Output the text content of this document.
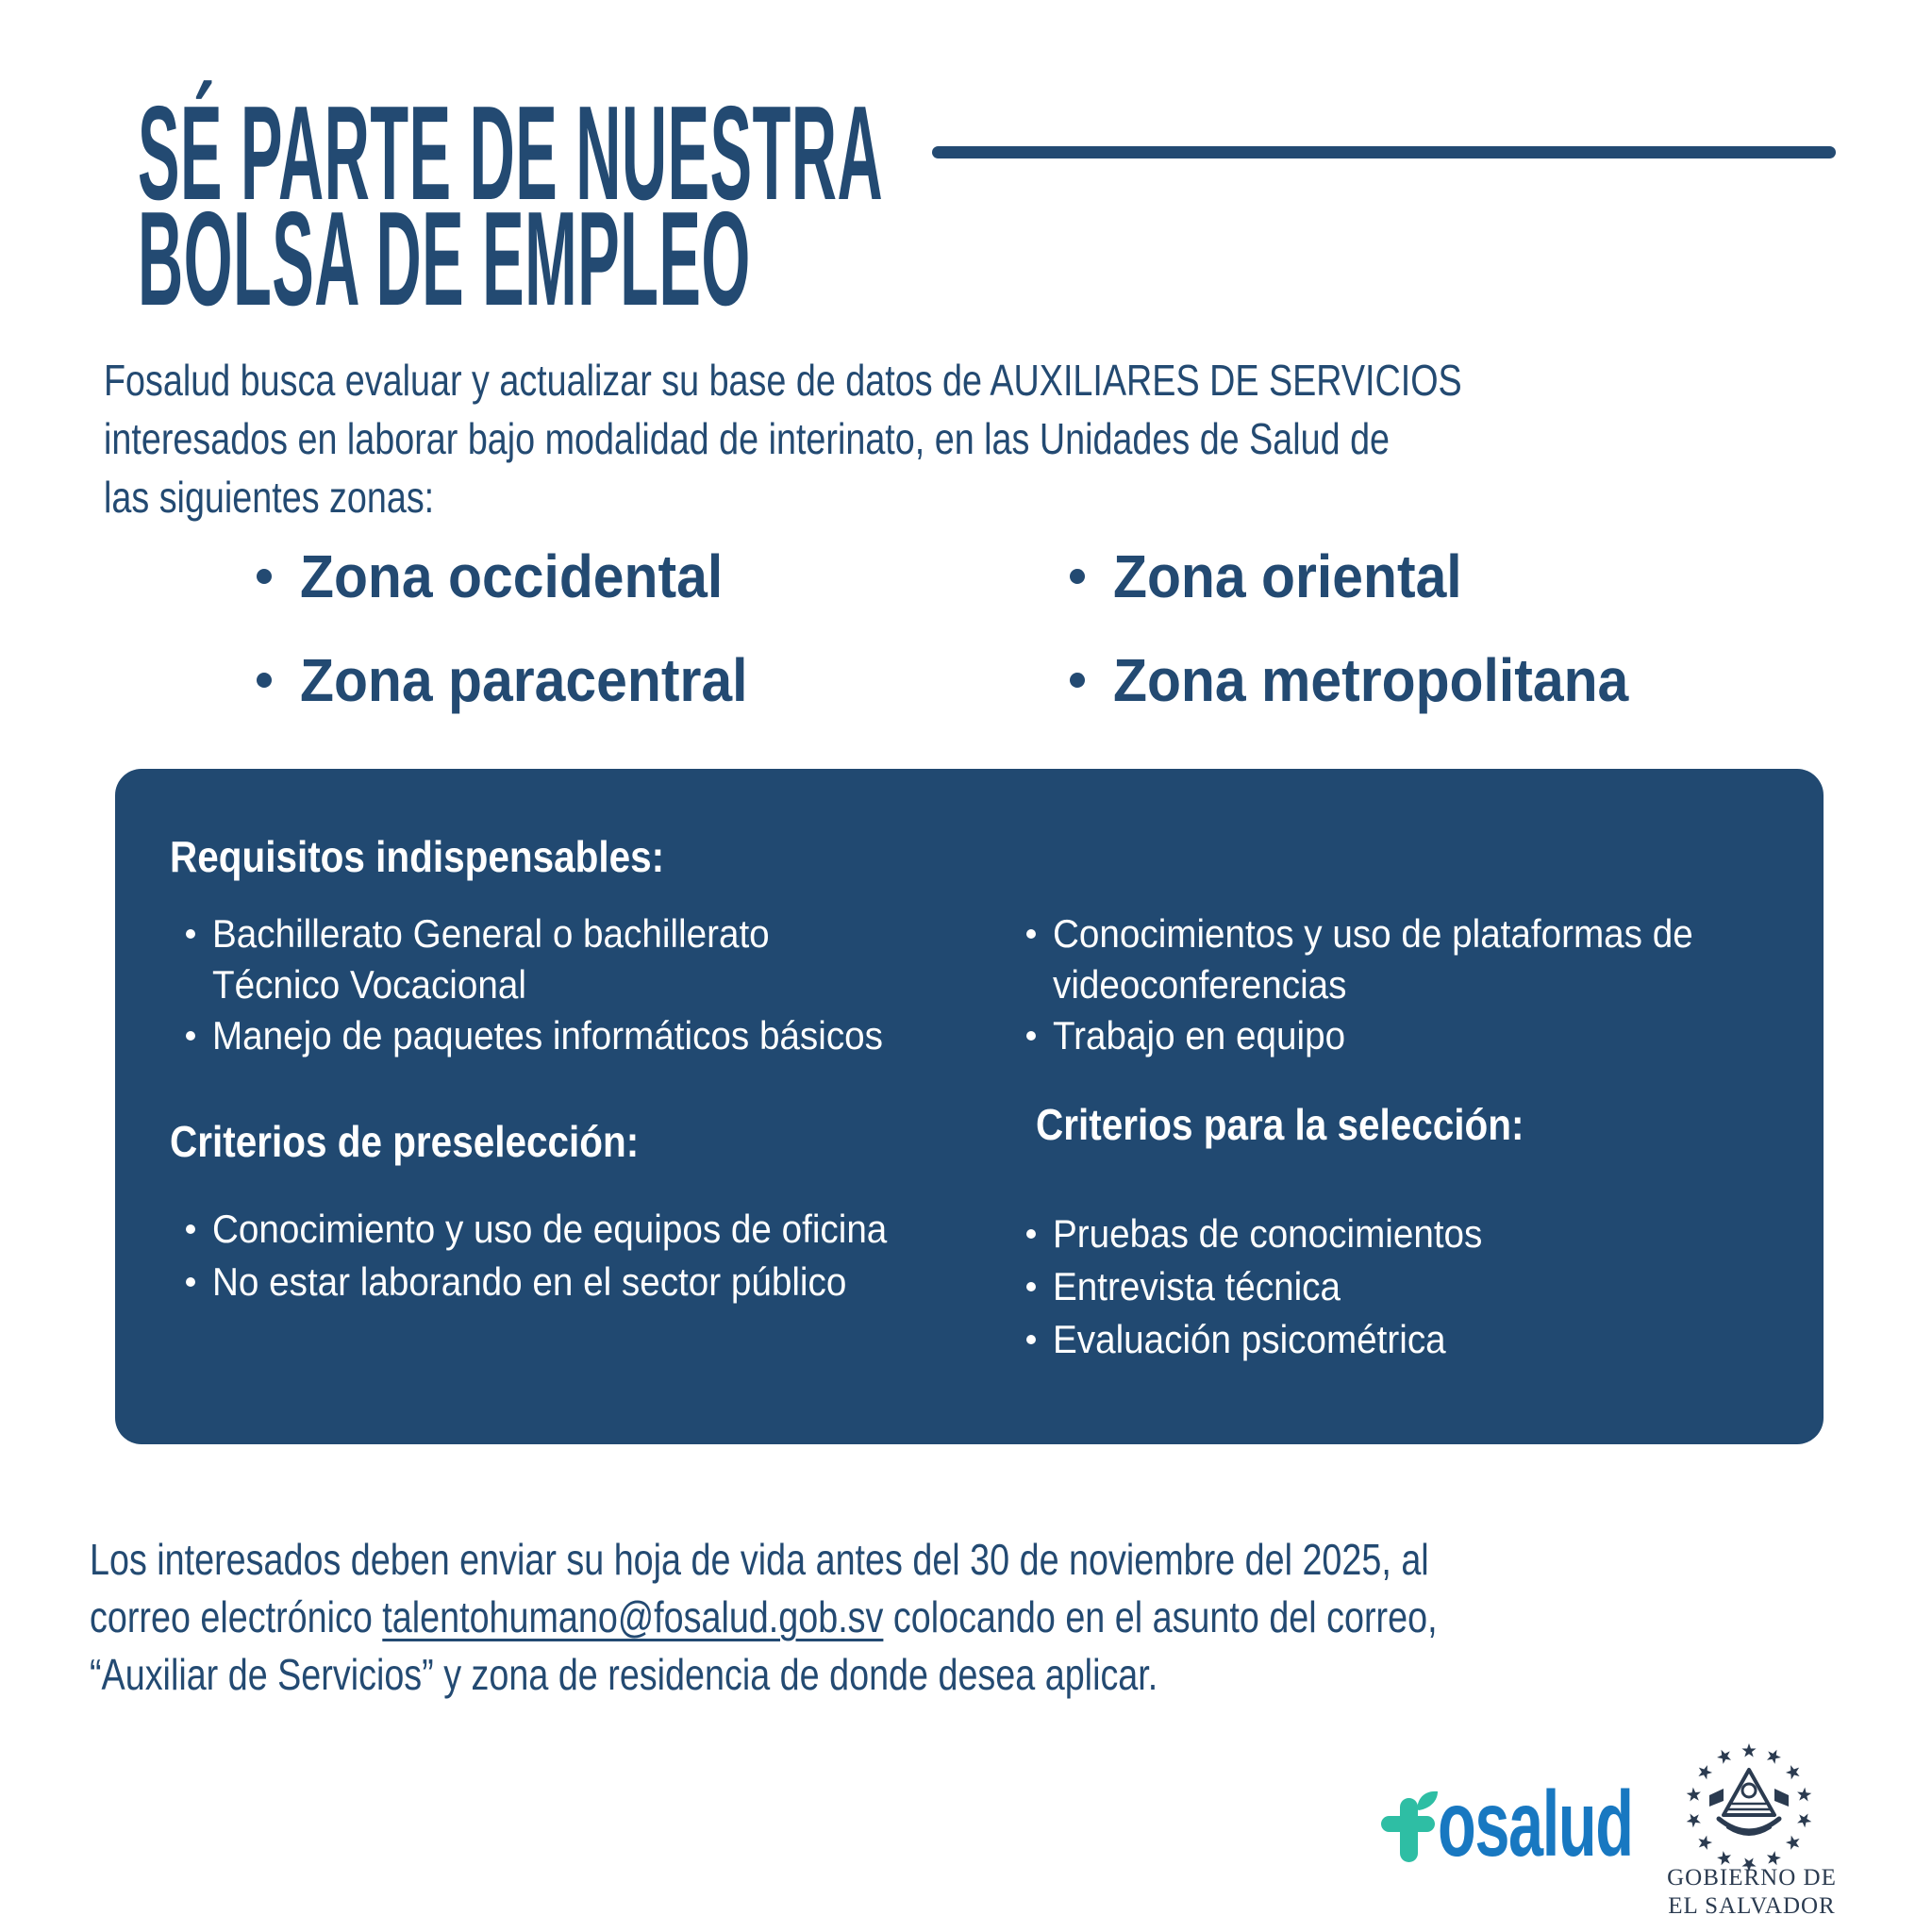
SÉ PARTE DE NUESTRA
BOLSA DE EMPLEO
Fosalud busca evaluar y actualizar su base de datos de AUXILIARES DE SERVICIOS
interesados en laborar bajo modalidad de interinato, en las Unidades de Salud de
las siguientes zonas:
Zona occidental
Zona paracentral
Zona oriental
Zona metropolitana
Requisitos indispensables:
Bachillerato General o bachillerato
Técnico Vocacional
Manejo de paquetes informáticos básicos
Conocimientos y uso de plataformas de
videoconferencias
Trabajo en equipo
Criterios de preselección:
Conocimiento y uso de equipos de oficina
No estar laborando en el sector público
Criterios para la selección:
Pruebas de conocimientos
Entrevista técnica
Evaluación psicométrica
Los interesados deben enviar su hoja de vida antes del 30 de noviembre del 2025, al
correo electrónico talentohumano@fosalud.gob.sv colocando en el asunto del correo,
“Auxiliar de Servicios” y zona de residencia de donde desea aplicar.
osalud
GOBIERNO DE
EL SALVADOR
